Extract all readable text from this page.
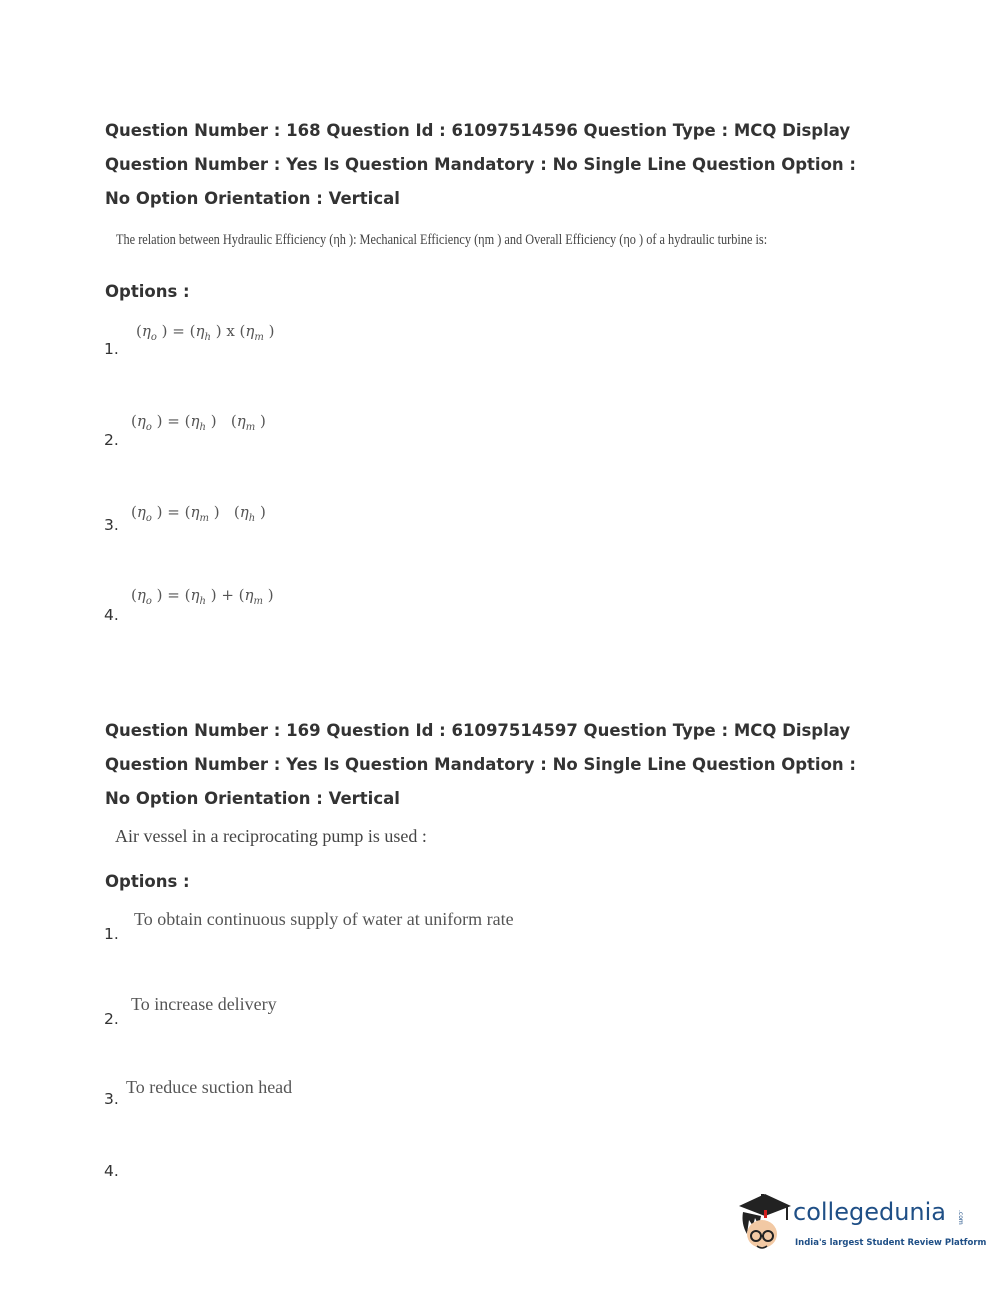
Question Number : 168 Question Id : 61097514596 Question Type : MCQ Display Question Number : Yes Is Question Mandatory : No Single Line Question Option : No Option Orientation : Vertical
The relation between Hydraulic Efficiency (ηh ): Mechanical Efficiency (ηm ) and Overall Efficiency (ηo ) of a hydraulic turbine is:
Options :
1.
($\eta_o$ ) = ($\eta_h$ ) x ($\eta_m$ )
2.
($\eta_o$ ) = ($\eta_h$ )   ($\eta_m$ )
3.
($\eta_o$ ) = ($\eta_m$ )   ($\eta_h$ )
4.
($\eta_o$ ) = ($\eta_h$ ) + ($\eta_m$ )
Question Number : 169 Question Id : 61097514597 Question Type : MCQ Display Question Number : Yes Is Question Mandatory : No Single Line Question Option : No Option Orientation : Vertical
Air vessel in a reciprocating pump is used :
Options :
1.
To obtain continuous supply of water at uniform rate
2.
To increase delivery
3.
To reduce suction head
4.
collegedunia .com
India's largest Student Review Platform
